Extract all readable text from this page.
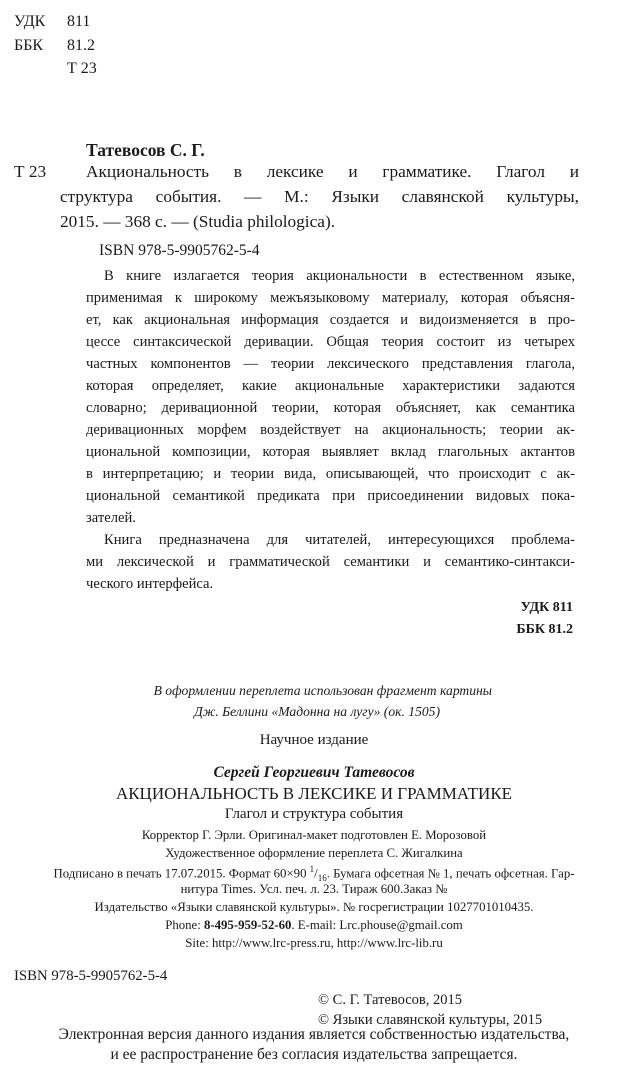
УДК 811
ББК 81.2
Т 23
Татевосов С. Г.
Т 23 Акциональность в лексике и грамматике. Глагол и
структура события. — М.: Языки славянской культуры,
2015. — 368 с. — (Studia philologica).
ISBN 978-5-9905762-5-4
В книге излагается теория акциональности в естественном языке,
применимая к широкому межъязыковому материалу, которая объясня-
ет, как акциональная информация создается и видоизменяется в про-
цессе синтаксической деривации. Общая теория состоит из четырех
частных компонентов — теории лексического представления глагола,
которая определяет, какие акциональные характеристики задаются
словарно; деривационной теории, которая объясняет, как семантика
деривационных морфем воздействует на акциональность; теории ак-
циональной композиции, которая выявляет вклад глагольных актантов
в интерпретацию; и теории вида, описывающей, что происходит с ак-
циональной семантикой предиката при присоединении видовых пока-
зателей.
Книга предназначена для читателей, интересующихся проблема-
ми лексической и грамматической семантики и семантико-синтакси-
ческого интерфейса.
УДК 811
ББК 81.2
В оформлении переплета использован фрагмент картины
Дж. Беллини «Мадонна на лугу» (ок. 1505)
Научное издание
Сергей Георгиевич Татевосов
АКЦИОНАЛЬНОСТЬ В ЛЕКСИКЕ И ГРАММАТИКЕ
Глагол и структура события
Корректор Г. Эрли. Оригинал-макет подготовлен Е. Морозовой
Художественное оформление переплета С. Жигалкина
Подписано в печать 17.07.2015. Формат 60×90 $^1/_{16}$. Бумага офсетная № 1, печать офсетная. Гар-
нитура Times. Усл. печ. л. 23. Тираж 600.Заказ №
Издательство «Языки славянской культуры». № госрегистрации 1027701010435.
Phone: 8-495-959-52-60. E-mail: Lrc.phouse@gmail.com
Site: http://www.lrc-press.ru, http://www.lrc-lib.ru
ISBN 978-5-9905762-5-4
© С. Г. Татевосов, 2015
© Языки славянской культуры, 2015
Электронная версия данного издания является собственностью издательства,
и ее распространение без согласия издательства запрещается.
